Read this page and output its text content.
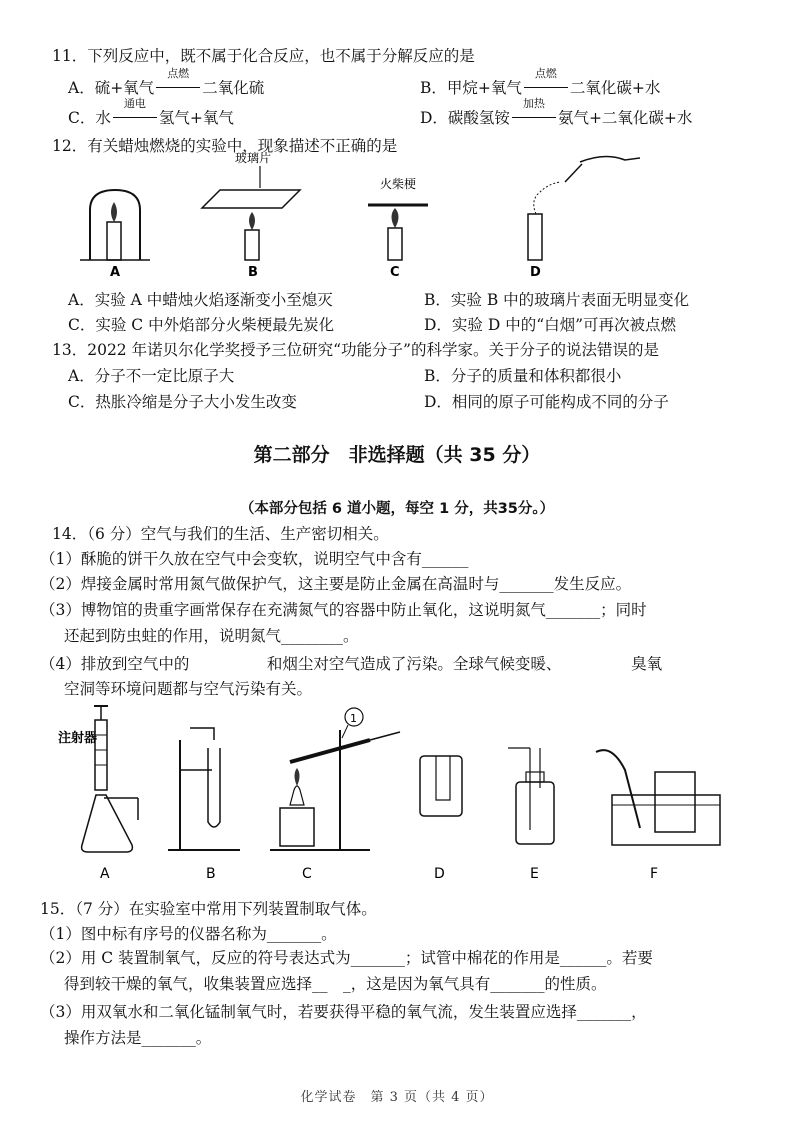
11．下列反应中，既不属于化合反应，也不属于分解反应的是
A．硫+氧气
点燃
二氧化硫	B．甲烷+氧气
点燃
二氧化碳+水
C．水
通电
氢气+氧气	D．碳酸氢铵
加热
氨气+二氧化碳+水
12．有关蜡烛燃烧的实验中，现象描述不正确的是
A
玻璃片
B
火柴梗
C	D
A．实验 A 中蜡烛火焰逐渐变小至熄灭	B．实验 B 中的玻璃片表面无明显变化
C．实验 C 中外焰部分火柴梗最先炭化	D．实验 D 中的“白烟”可再次被点燃
13．2022 年诺贝尔化学奖授予三位研究“功能分子”的科学家。关于分子的说法错误的是
A．分子不一定比原子大	B．分子的质量和体积都很小
C．热胀冷缩是分子大小发生改变	D．相同的原子可能构成不同的分子
第二部分　非选择题（共 35 分）
（本部分包括 6 道小题，每空 1 分，共35分。）
14．（6 分）空气与我们的生活、生产密切相关。
（1）酥脆的饼干久放在空气中会变软，说明空气中含有______
（2）焊接金属时常用氮气做保护气，这主要是防止金属在高温时与_______发生反应。
（3）博物馆的贵重字画常保存在充满氮气的容器中防止氧化，这说明氮气_______；同时
还起到防虫蛀的作用，说明氮气________。
（4）排放到空气中的　　　　　和烟尘对空气造成了污染。全球气候变暖、　　　　　臭氧
空洞等环境问题都与空气污染有关。
注射器
A	B
1
C	D	E	F
15．（7 分）在实验室中常用下列装置制取气体。
（1）图中标有序号的仪器名称为_______。
（2）用 C 装置制氧气，反应的符号表达式为_______；试管中棉花的作用是______。若要
得到较干燥的氧气，收集装置应选择__　_，这是因为氧气具有_______的性质。
（3）用双氧水和二氧化锰制氧气时，若要获得平稳的氧气流，发生装置应选择_______，
操作方法是_______。
化学试卷　第 3 页（共 4 页）
